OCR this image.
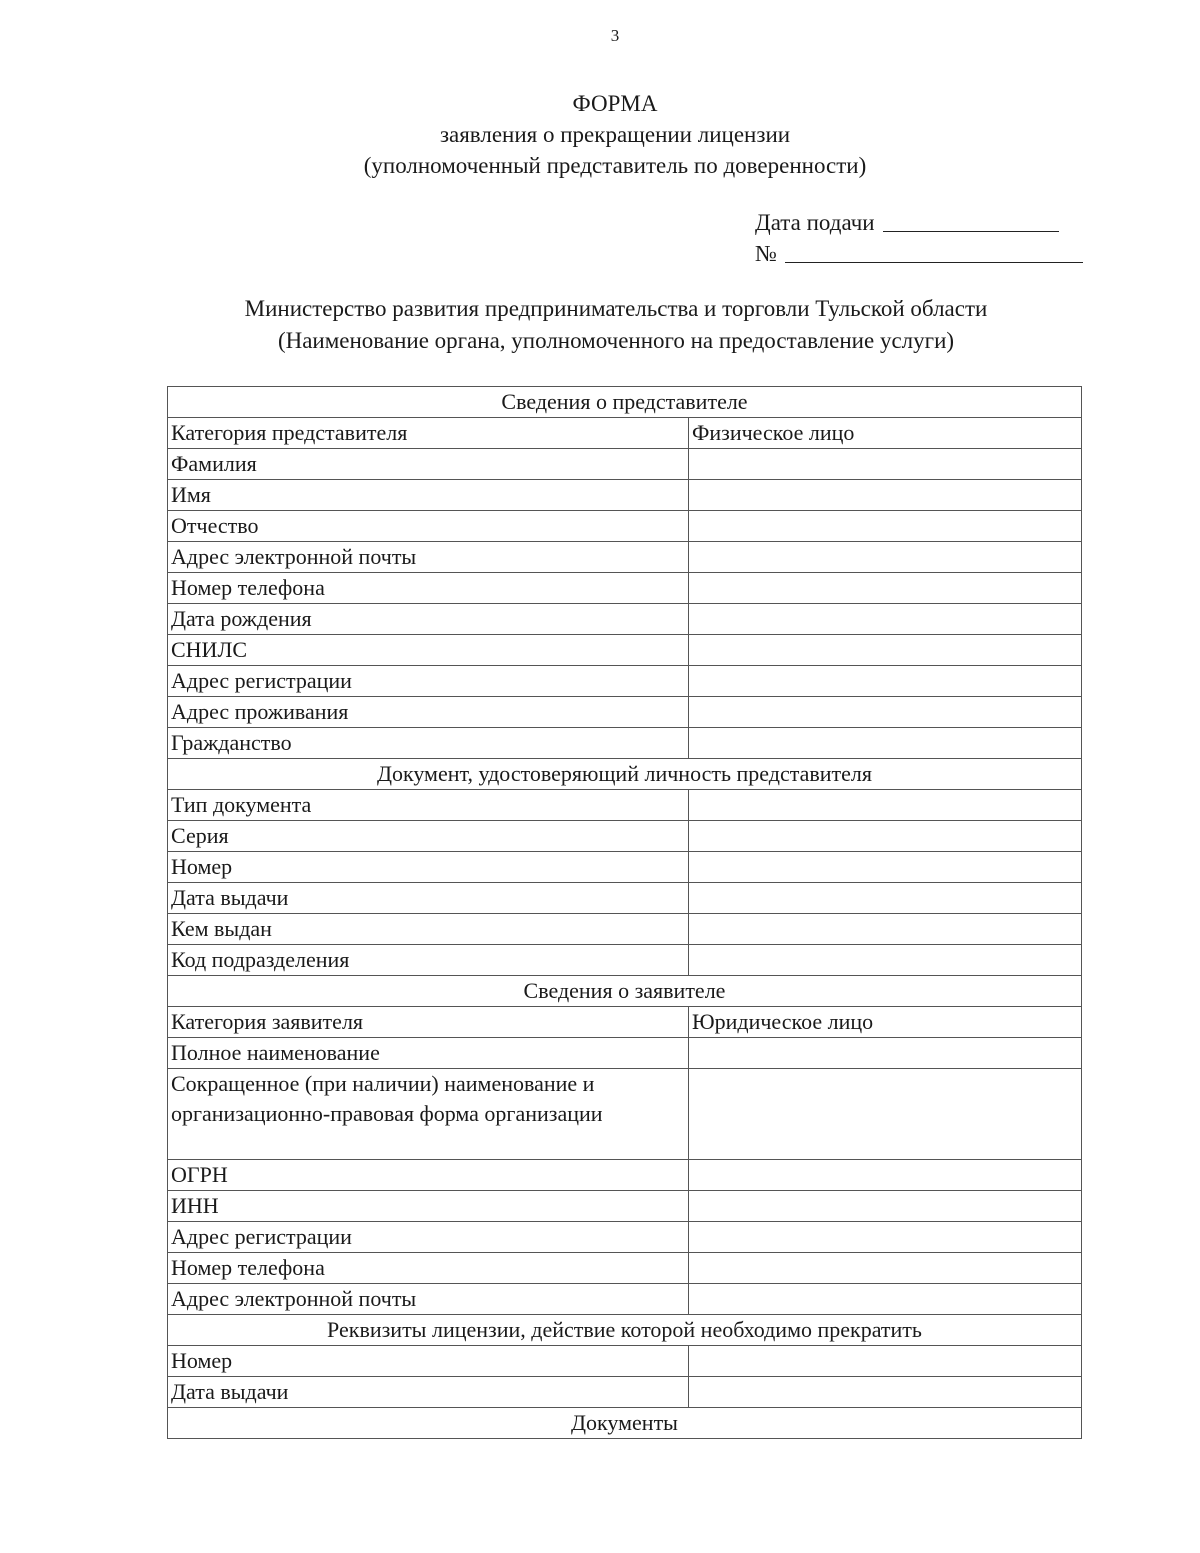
3
ФОРМА
заявления о прекращении лицензии
(уполномоченный представитель по доверенности)
Дата подачи
№
Министерство развития предпринимательства и торговли Тульской области
(Наименование органа, уполномоченного на предоставление услуги)
Сведения о представителе	
Категория представителя	Физическое лицо
Фамилия	
Имя	
Отчество	
Адрес электронной почты	
Номер телефона	
Дата рождения	
СНИЛС	
Адрес регистрации	
Адрес проживания	
Гражданство	
Документ, удостоверяющий личность представителя	
Тип документа	
Серия	
Номер	
Дата выдачи	
Кем выдан	
Код подразделения	
Сведения о заявителе	
Категория заявителя	Юридическое лицо
Полное наименование	
Сокращенное (при наличии) наименование и организационно-правовая форма организации	
ОГРН	
ИНН	
Адрес регистрации	
Номер телефона	
Адрес электронной почты	
Реквизиты лицензии, действие которой необходимо прекратить	
Номер	
Дата выдачи	
Документы	
